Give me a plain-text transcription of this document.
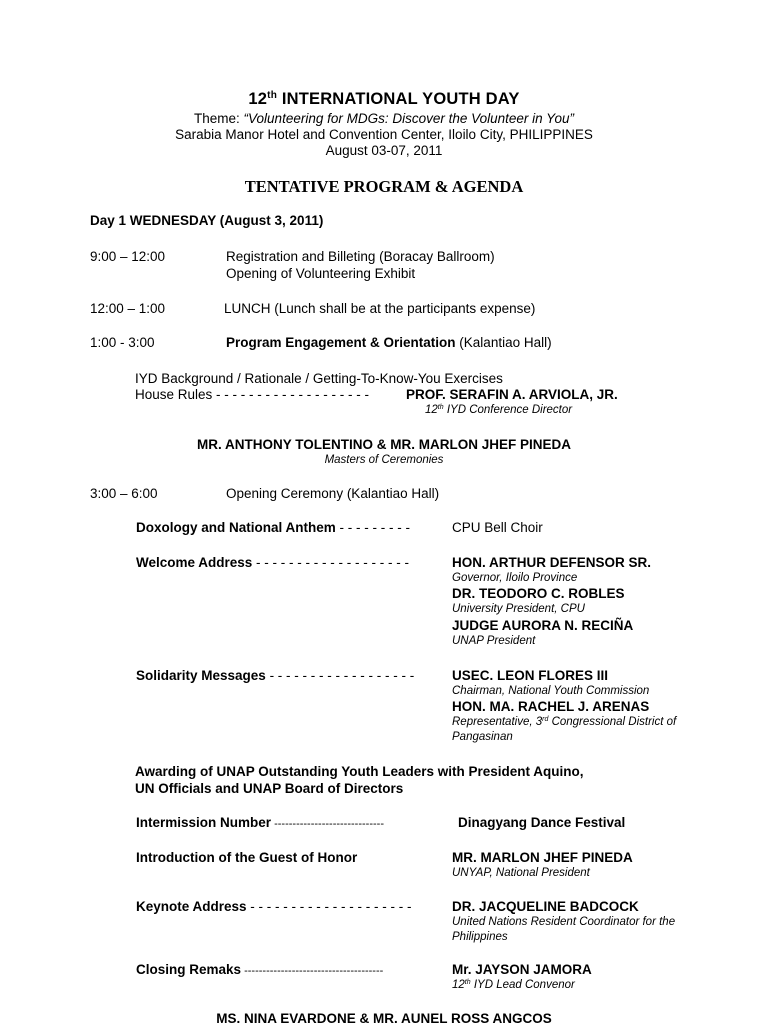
12th INTERNATIONAL YOUTH DAY
Theme: “Volunteering for MDGs: Discover the Volunteer in You”
Sarabia Manor Hotel and Convention Center, Iloilo City, PHILIPPINES
August 03-07, 2011
TENTATIVE PROGRAM & AGENDA
Day 1 WEDNESDAY (August 3, 2011)
9:00 – 12:00	Registration and Billeting (Boracay Ballroom)
Opening of Volunteering Exhibit
12:00 – 1:00	LUNCH (Lunch shall be at the participants expense)
1:00 - 3:00	Program Engagement & Orientation (Kalantiao Hall)
IYD Background / Rationale / Getting-To-Know-You Exercises
House Rules - - - - - - - - - - - - - - - - - - -	PROF. SERAFIN A. ARVIOLA, JR.
12th IYD Conference Director
MR. ANTHONY TOLENTINO & MR. MARLON JHEF PINEDA
Masters of Ceremonies
3:00 – 6:00	Opening Ceremony (Kalantiao Hall)
Doxology and National Anthem - - - - - - - - -	CPU Bell Choir
Welcome Address - - - - - - - - - - - - - - - - - - -	HON. ARTHUR DEFENSOR SR.
Governor, Iloilo Province
DR. TEODORO C. ROBLES
University President, CPU
JUDGE AURORA N. RECIÑA
UNAP President
Solidarity Messages - - - - - - - - - - - - - - - - - -	USEC. LEON FLORES III
Chairman, National Youth Commission
HON. MA. RACHEL J. ARENAS
Representative, 3rd Congressional District of
Pangasinan
Awarding of UNAP Outstanding Youth Leaders with President Aquino,
UN Officials and UNAP Board of Directors
Intermission Number ------------------------------	Dinagyang Dance Festival
Introduction of the Guest of Honor	MR. MARLON JHEF PINEDA
UNYAP, National President
Keynote Address - - - - - - - - - - - - - - - - - - - -	DR. JACQUELINE BADCOCK
United Nations Resident Coordinator for the
Philippines
Closing Remaks --------------------------------------	Mr. JAYSON JAMORA
12th IYD Lead Convenor
MS. NINA EVARDONE & MR. AUNEL ROSS ANGCOS
